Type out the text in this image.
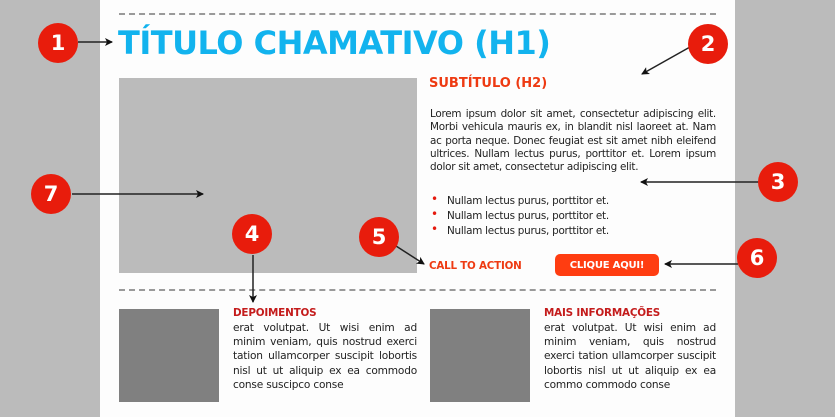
TÍTULO CHAMATIVO (H1)
SUBTÍTULO (H2)

Lorem ipsum dolor sit amet, consectetur adipiscing elit. Morbi vehicula mauris ex, in blandit nisl laoreet at. Nam ac porta neque. Donec feugiat est sit amet nibh eleifend ultrices. Nullam lectus purus, porttitor et. Lorem ipsum dolor sit amet, consectetur adipiscing elit.

• Nullam lectus purus, porttitor et.
• Nullam lectus purus, porttitor et.
• Nullam lectus purus, porttitor et.
CALL TO ACTION	CLIQUE AQUI!
DEPOIMENTOS

erat volutpat. Ut wisi enim ad minim veniam, quis nostrud exerci tation ullamcorper suscipit lobortis nisl ut ut aliquip ex ea commodo conse suscipco conse

MAIS INFORMAÇÕES

erat volutpat. Ut wisi enim ad minim veniam, quis nostrud exerci tation ullamcorper suscipit lobortis nisl ut ut aliquip ex ea commo commodo conse

1	2
3
4	5
6
7
